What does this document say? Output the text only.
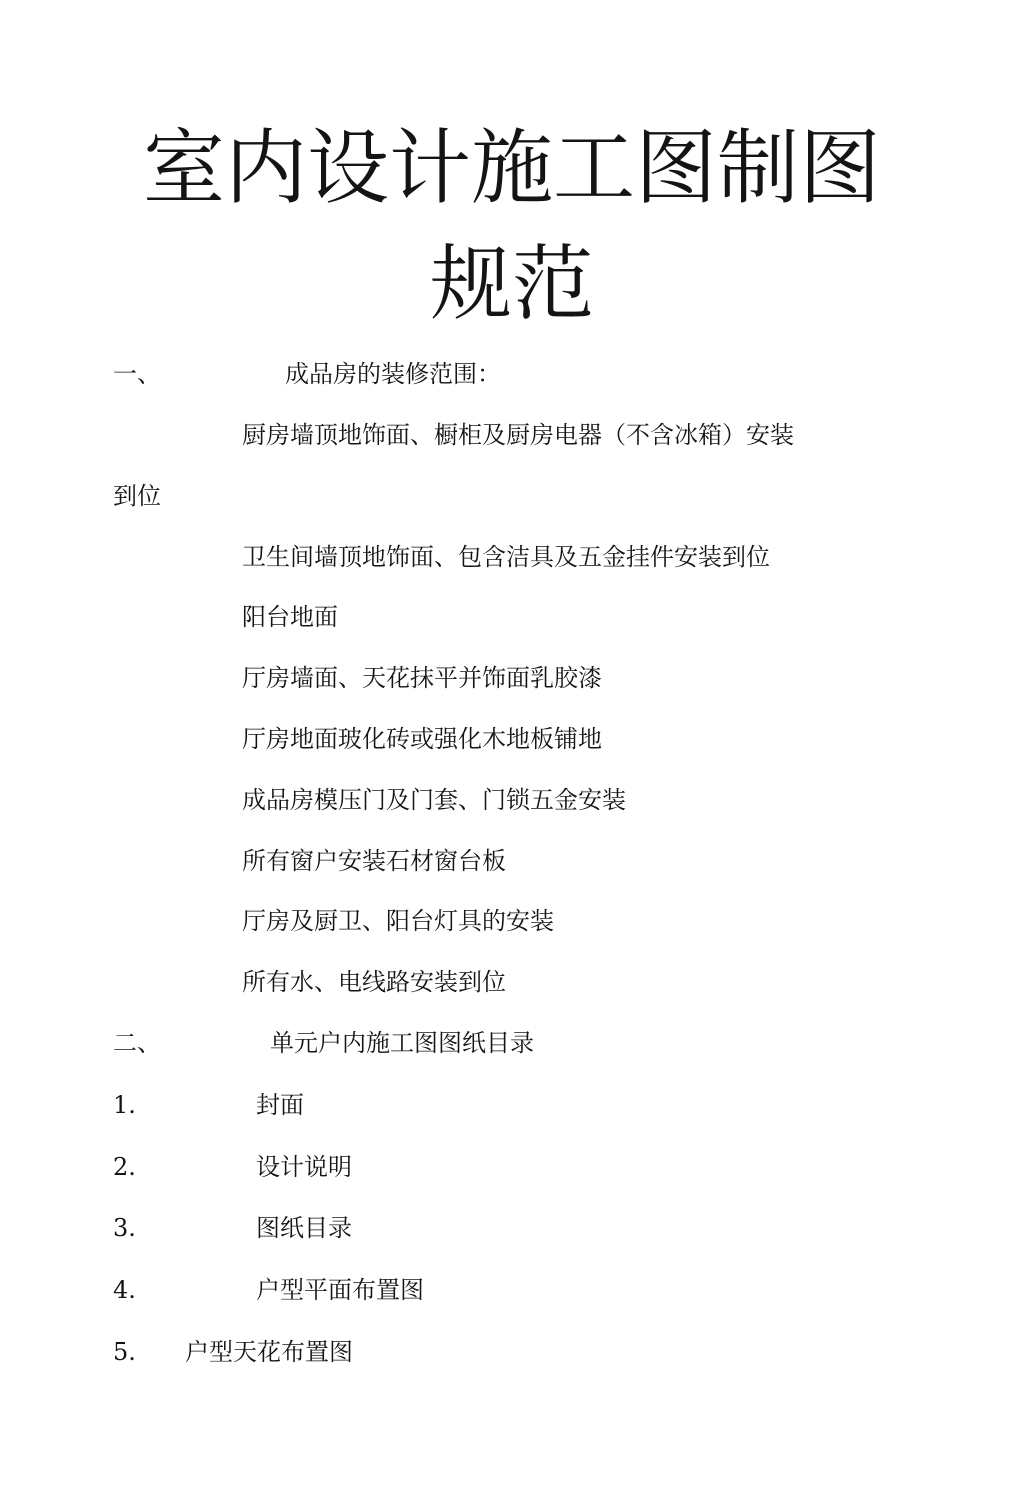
室内设计施工图制图
规范
一、	成品房的装修范围：
厨房墙顶地饰面、橱柜及厨房电器（不含冰箱）安装
到位
卫生间墙顶地饰面、包含洁具及五金挂件安装到位
阳台地面
厅房墙面、天花抹平并饰面乳胶漆
厅房地面玻化砖或强化木地板铺地
成品房模压门及门套、门锁五金安装
所有窗户安装石材窗台板
厅房及厨卫、阳台灯具的安装
所有水、电线路安装到位
二、	单元户内施工图图纸目录
1.	封面
2.	设计说明
3.	图纸目录
4.	户型平面布置图
5. 户型天花布置图
